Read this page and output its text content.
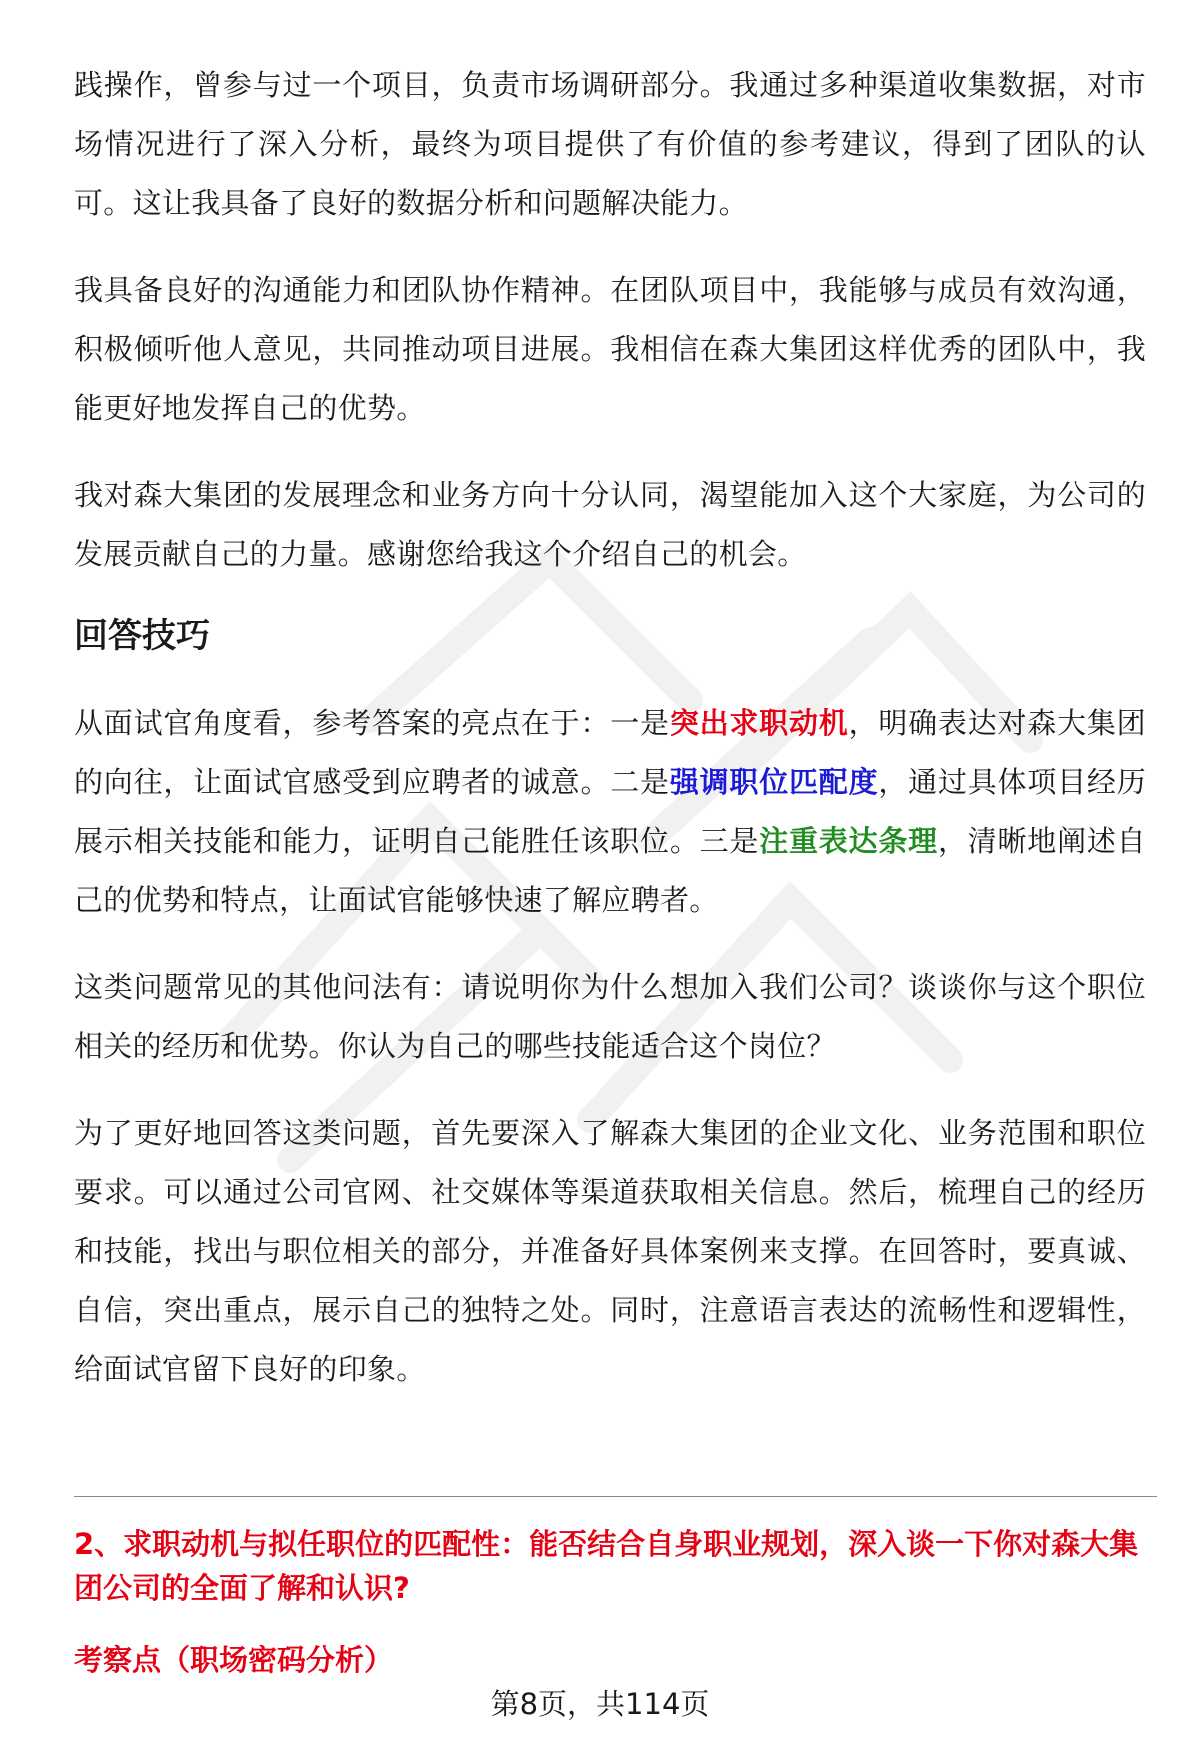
践操作，曾参与过一个项目，负责市场调研部分。我通过多种渠道收集数据，对市场情况进行了深入分析，最终为项目提供了有价值的参考建议，得到了团队的认可。这让我具备了良好的数据分析和问题解决能力。

我具备良好的沟通能力和团队协作精神。在团队项目中，我能够与成员有效沟通，积极倾听他人意见，共同推动项目进展。我相信在森大集团这样优秀的团队中，我能更好地发挥自己的优势。

我对森大集团的发展理念和业务方向十分认同，渴望能加入这个大家庭，为公司的发展贡献自己的力量。感谢您给我这个介绍自己的机会。

回答技巧

从面试官角度看，参考答案的亮点在于：一是突出求职动机，明确表达对森大集团的向往，让面试官感受到应聘者的诚意。二是强调职位匹配度，通过具体项目经历展示相关技能和能力，证明自己能胜任该职位。三是注重表达条理，清晰地阐述自己的优势和特点，让面试官能够快速了解应聘者。

这类问题常见的其他问法有：请说明你为什么想加入我们公司？谈谈你与这个职位相关的经历和优势。你认为自己的哪些技能适合这个岗位？

为了更好地回答这类问题，首先要深入了解森大集团的企业文化、业务范围和职位要求。可以通过公司官网、社交媒体等渠道获取相关信息。然后，梳理自己的经历和技能，找出与职位相关的部分，并准备好具体案例来支撑。在回答时，要真诚、自信，突出重点，展示自己的独特之处。同时，注意语言表达的流畅性和逻辑性，给面试官留下良好的印象。

2、求职动机与拟任职位的匹配性：能否结合自身职业规划，深入谈一下你对森大集团公司的全面了解和认识?
考察点（职场密码分析）
第8页，共114页
